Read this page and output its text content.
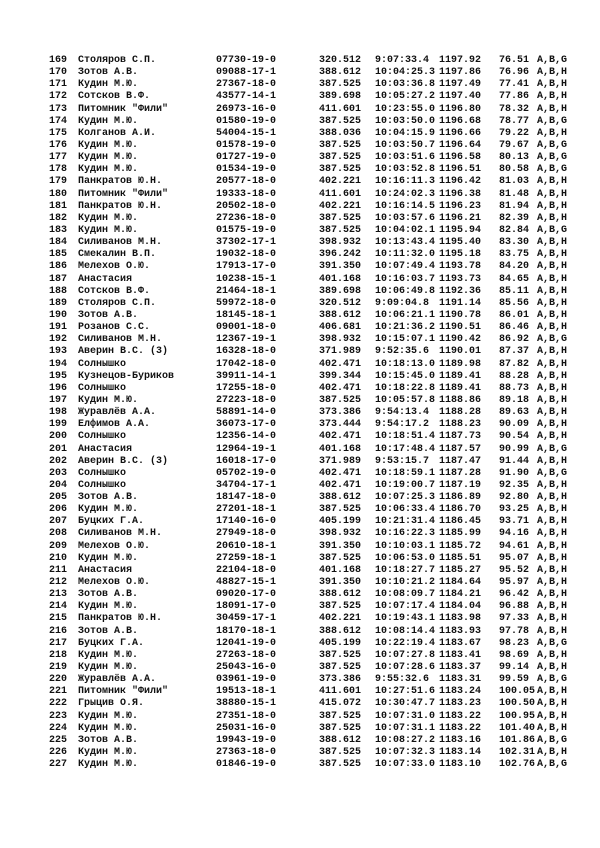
169 Столяров С.П.	07730-19-0	320.512 9:07:33.4 1197.92 76.51 A,B,G
170 Зотов А.В.	09088-17-1	388.612 10:04:25.3 1197.86 76.96 A,B,H
171 Кудин М.Ю.	27367-18-0	387.525 10:03:36.8 1197.49 77.41 A,B,H
172 Сотсков В.Ф.	43577-14-1	389.698 10:05:27.2 1197.40 77.86 A,B,H
173 Питомник "Фили"	26973-16-0	411.601 10:23:55.0 1196.80 78.32 A,B,H
174 Кудин М.Ю.	01580-19-0	387.525 10:03:50.0 1196.68 78.77 A,B,G
175 Колганов А.И.	54004-15-1	388.036 10:04:15.9 1196.66 79.22 A,B,H
176 Кудин М.Ю.	01578-19-0	387.525 10:03:50.7 1196.64 79.67 A,B,G
177 Кудин М.Ю.	01727-19-0	387.525 10:03:51.6 1196.58 80.13 A,B,G
178 Кудин М.Ю.	01534-19-0	387.525 10:03:52.8 1196.51 80.58 A,B,G
179 Панкратов Ю.Н.	20577-18-0	402.221 10:16:11.3 1196.42 81.03 A,B,H
180 Питомник "Фили"	19333-18-0	411.601 10:24:02.3 1196.38 81.48 A,B,H
181 Панкратов Ю.Н.	20502-18-0	402.221 10:16:14.5 1196.23 81.94 A,B,H
182 Кудин М.Ю.	27236-18-0	387.525 10:03:57.6 1196.21 82.39 A,B,H
183 Кудин М.Ю.	01575-19-0	387.525 10:04:02.1 1195.94 82.84 A,B,G
184 Силиванов М.Н.	37302-17-1	398.932 10:13:43.4 1195.40 83.30 A,B,H
185 Смекалин В.П.	19032-18-0	396.242 10:11:32.0 1195.18 83.75 A,B,H
186 Мелехов О.Ю.	17913-17-0	391.350 10:07:49.4 1193.78 84.20 A,B,H
187 Анастасия	10238-15-1	401.168 10:16:03.7 1193.73 84.65 A,B,H
188 Сотсков В.Ф.	21464-18-1	389.698 10:06:49.8 1192.36 85.11 A,B,H
189 Столяров С.П.	59972-18-0	320.512 9:09:04.8 1191.14 85.56 A,B,H
190 Зотов А.В.	18145-18-1	388.612 10:06:21.1 1190.78 86.01 A,B,H
191 Розанов С.С.	09001-18-0	406.681 10:21:36.2 1190.51 86.46 A,B,H
192 Силиванов М.Н.	12367-19-1	398.932 10:15:07.1 1190.42 86.92 A,B,G
193 Аверин В.С. (3)	16328-18-0	371.989 9:52:35.6 1190.01 87.37 A,B,H
194 Солнышко	17042-18-0	402.471 10:18:13.0 1189.98 87.82 A,B,H
195 Кузнецов-Буриков	39911-14-1	399.344 10:15:45.0 1189.41 88.28 A,B,H
196 Солнышко	17255-18-0	402.471 10:18:22.8 1189.41 88.73 A,B,H
197 Кудин М.Ю.	27223-18-0	387.525 10:05:57.8 1188.86 89.18 A,B,H
198 Журавлёв А.А.	58891-14-0	373.386 9:54:13.4 1188.28 89.63 A,B,H
199 Елфимов А.А.	36073-17-0	373.444 9:54:17.2 1188.23 90.09 A,B,H
200 Солнышко	12356-14-0	402.471 10:18:51.4 1187.73 90.54 A,B,H
201 Анастасия	12964-19-1	401.168 10:17:48.4 1187.57 90.99 A,B,G
202 Аверин В.С. (3)	16018-17-0	371.989 9:53:15.7 1187.47 91.44 A,B,H
203 Солнышко	05702-19-0	402.471 10:18:59.1 1187.28 91.90 A,B,G
204 Солнышко	34704-17-1	402.471 10:19:00.7 1187.19 92.35 A,B,H
205 Зотов А.В.	18147-18-0	388.612 10:07:25.3 1186.89 92.80 A,B,H
206 Кудин М.Ю.	27201-18-1	387.525 10:06:33.4 1186.70 93.25 A,B,H
207 Буцких Г.А.	17140-16-0	405.199 10:21:31.4 1186.45 93.71 A,B,H
208 Силиванов М.Н.	27949-18-0	398.932 10:16:22.3 1185.99 94.16 A,B,H
209 Мелехов О.Ю.	20610-18-1	391.350 10:10:03.1 1185.72 94.61 A,B,H
210 Кудин М.Ю.	27259-18-1	387.525 10:06:53.0 1185.51 95.07 A,B,H
211 Анастасия	22104-18-0	401.168 10:18:27.7 1185.27 95.52 A,B,H
212 Мелехов О.Ю.	48827-15-1	391.350 10:10:21.2 1184.64 95.97 A,B,H
213 Зотов А.В.	09020-17-0	388.612 10:08:09.7 1184.21 96.42 A,B,H
214 Кудин М.Ю.	18091-17-0	387.525 10:07:17.4 1184.04 96.88 A,B,H
215 Панкратов Ю.Н.	30459-17-1	402.221 10:19:43.1 1183.98 97.33 A,B,H
216 Зотов А.В.	18170-18-1	388.612 10:08:14.4 1183.93 97.78 A,B,H
217 Буцких Г.А.	12041-19-0	405.199 10:22:19.4 1183.67 98.23 A,B,G
218 Кудин М.Ю.	27263-18-0	387.525 10:07:27.8 1183.41 98.69 A,B,H
219 Кудин М.Ю.	25043-16-0	387.525 10:07:28.6 1183.37 99.14 A,B,H
220 Журавлёв А.А.	03961-19-0	373.386 9:55:32.6 1183.31 99.59 A,B,G
221 Питомник "Фили"	19513-18-1	411.601 10:27:51.6 1183.24 100.05 A,B,H
222 Грыцив О.Я.	38880-15-1	415.072 10:30:47.7 1183.23 100.50 A,B,H
223 Кудин М.Ю.	27351-18-0	387.525 10:07:31.0 1183.22 100.95 A,B,H
224 Кудин М.Ю.	25031-16-0	387.525 10:07:31.1 1183.22 101.40 A,B,H
225 Зотов А.В.	19943-19-0	388.612 10:08:27.2 1183.16 101.86 A,B,G
226 Кудин М.Ю.	27363-18-0	387.525 10:07:32.3 1183.14 102.31 A,B,H
227 Кудин М.Ю.	01846-19-0	387.525 10:07:33.0 1183.10 102.76 A,B,G
